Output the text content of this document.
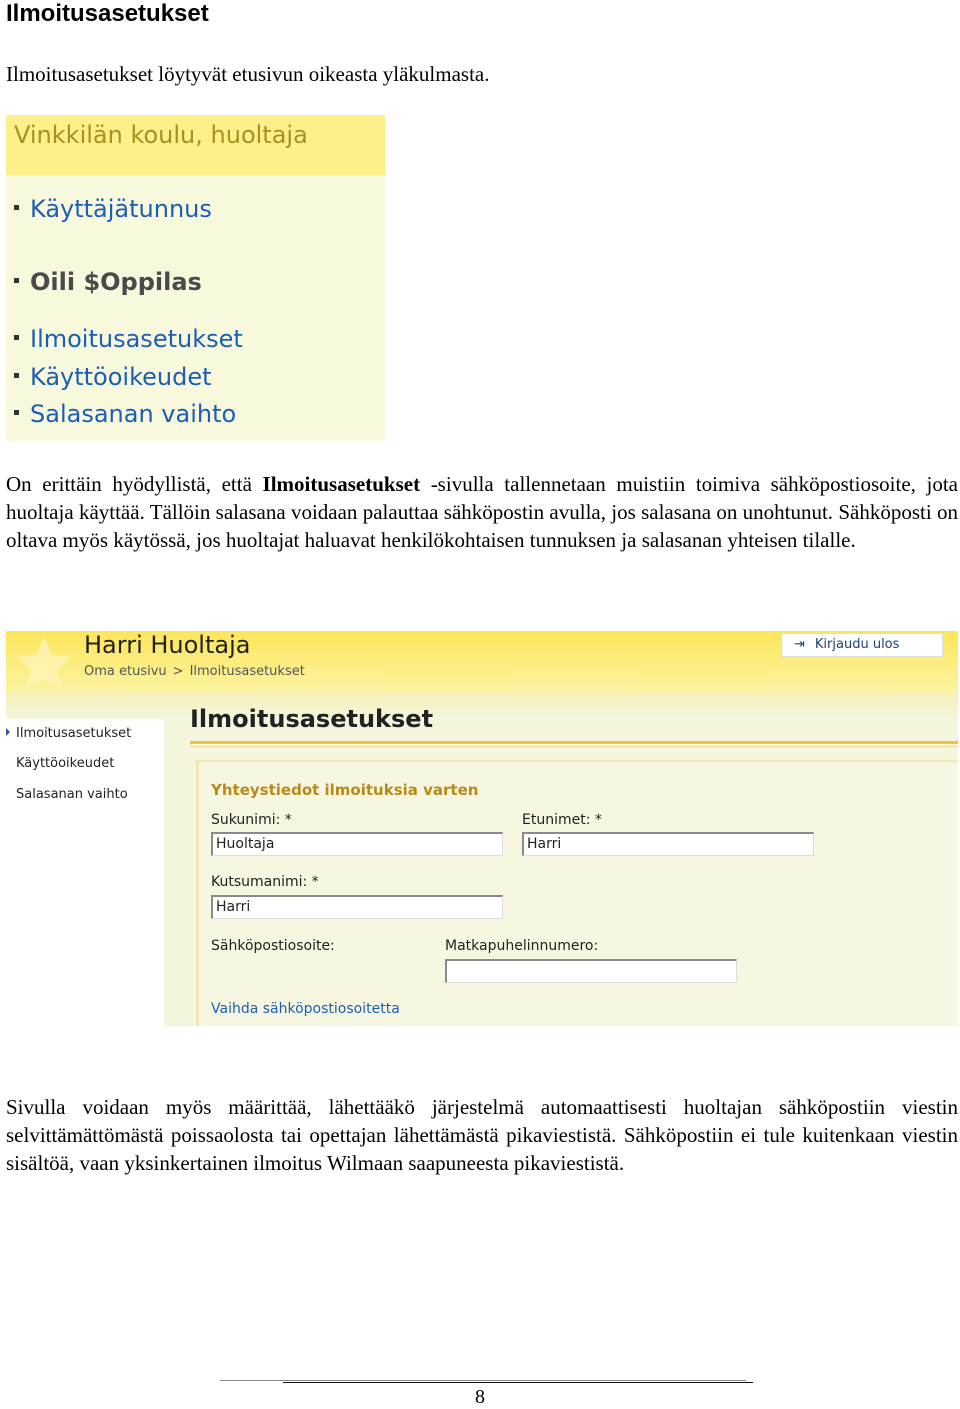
Ilmoitusasetukset

Ilmoitusasetukset löytyvät etusivun oikeasta yläkulmasta.

Vinkkilän koulu, huoltaja
Käyttäjätunnus
Oili $Oppilas
Ilmoitusasetukset
Käyttöoikeudet
Salasanan vaihto

On erittäin hyödyllistä, että Ilmoitusasetukset -sivulla tallennetaan muistiin toimiva sähköpostiosoite, jota huoltaja käyttää. Tällöin salasana voidaan palauttaa sähköpostin avulla, jos salasana on unohtunut. Sähköposti on oltava myös käytössä, jos huoltajat haluavat henkilökohtaisen tunnuksen ja salasanan yhteisen tilalle.

Harri Huoltaja
Oma etusivu > Ilmoitusasetukset
⇥ Kirjaudu ulos
Ilmoitusasetukset
Käyttöoikeudet
Salasanan vaihto
Ilmoitusasetukset
Yhteystiedot ilmoituksia varten
Sukunimi: *
Huoltaja
Etunimet: *
Harri
Kutsumanimi: *
Harri
Sähköpostiosoite:	Matkapuhelinnumero:
Vaihda sähköpostiosoitetta

Sivulla voidaan myös määrittää, lähettääkö järjestelmä automaattisesti huoltajan sähköpostiin viestin selvittämättömästä poissaolosta tai opettajan lähettämästä pikaviestistä. Sähköpostiin ei tule kuitenkaan viestin sisältöä, vaan yksinkertainen ilmoitus Wilmaan saapuneesta pikaviestistä.

8
